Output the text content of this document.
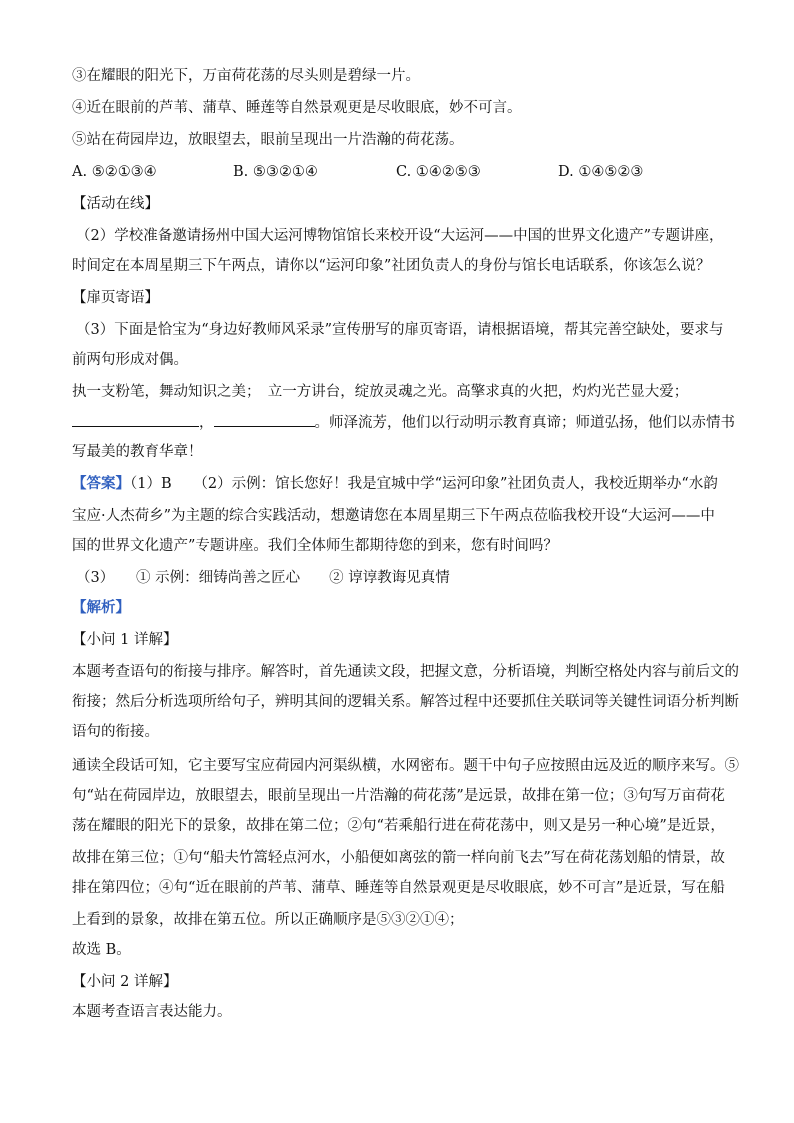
③在耀眼的阳光下，万亩荷花荡的尽头则是碧绿一片。
④近在眼前的芦苇、蒲草、睡莲等自然景观更是尽收眼底，妙不可言。
⑤站在荷园岸边，放眼望去，眼前呈现出一片浩瀚的荷花荡。
A. ⑤②①③④	B. ⑤③②①④	C. ①④②⑤③	D. ①④⑤②③
【活动在线】
（2）学校准备邀请扬州中国大运河博物馆馆长来校开设“大运河——中国的世界文化遗产”专题讲座，
时间定在本周星期三下午两点，请你以“运河印象”社团负责人的身份与馆长电话联系，你该怎么说？
【扉页寄语】
（3）下面是恰宝为“身边好教师风采录”宣传册写的扉页寄语，请根据语境，帮其完善空缺处，要求与
前两句形成对偶。
执一支粉笔，舞动知识之美；　立一方讲台，绽放灵魂之光。高擎求真的火把，灼灼光芒显大爱；
，	。师泽流芳，他们以行动明示教育真谛；师道弘扬，他们以赤情书
写最美的教育华章！
【答案】（1）B　　（2）示例：馆长您好！我是宜城中学“运河印象”社团负责人，我校近期举办“水韵
宝应·人杰荷乡”为主题的综合实践活动，想邀请您在本周星期三下午两点莅临我校开设“大运河——中
国的世界文化遗产”专题讲座。我们全体师生都期待您的到来，您有时间吗？
（3）　　① 示例：细铸尚善之匠心　　② 谆谆教诲见真情
【解析】
【小问 1 详解】
本题考查语句的衔接与排序。解答时，首先通读文段，把握文意，分析语境，判断空格处内容与前后文的
衔接；然后分析选项所给句子，辨明其间的逻辑关系。解答过程中还要抓住关联词等关键性词语分析判断
语句的衔接。
通读全段话可知，它主要写宝应荷园内河渠纵横，水网密布。题干中句子应按照由远及近的顺序来写。⑤
句“站在荷园岸边，放眼望去，眼前呈现出一片浩瀚的荷花荡”是远景，故排在第一位；③句写万亩荷花
荡在耀眼的阳光下的景象，故排在第二位；②句“若乘船行进在荷花荡中，则又是另一种心境”是近景，
故排在第三位；①句“船夫竹篙轻点河水，小船便如离弦的箭一样向前飞去”写在荷花荡划船的情景，故
排在第四位；④句“近在眼前的芦苇、蒲草、睡莲等自然景观更是尽收眼底，妙不可言”是近景，写在船
上看到的景象，故排在第五位。所以正确顺序是⑤③②①④；
故选 B。
【小问 2 详解】
本题考查语言表达能力。
